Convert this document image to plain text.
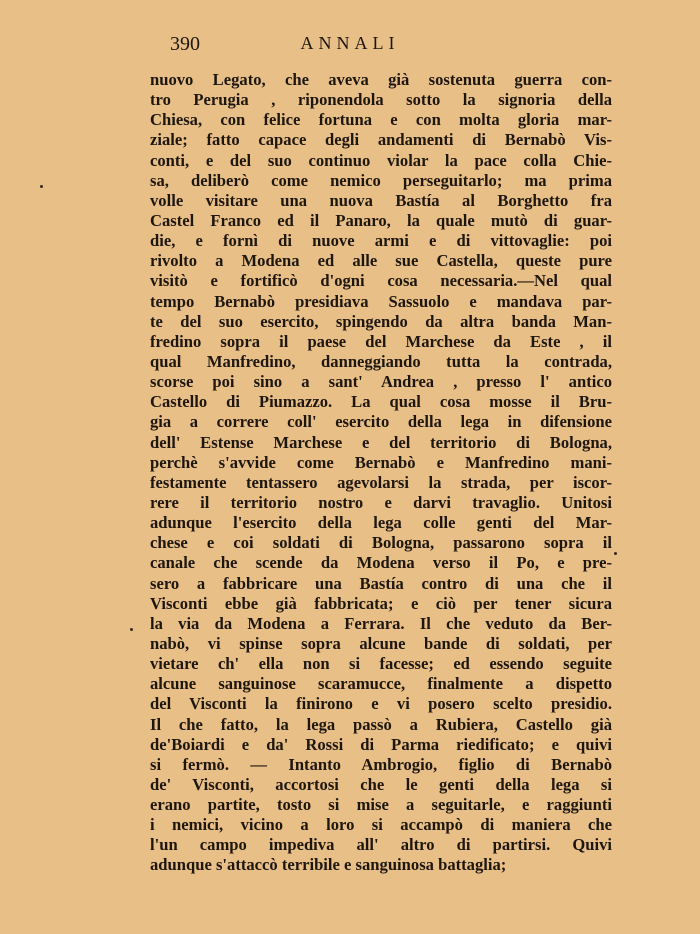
390	ANNALI
nuovo Legato, che aveva già sostenuta guerra con-
tro Perugia , riponendola sotto la signoria della
Chiesa, con felice fortuna e con molta gloria mar-
ziale; fatto capace degli andamenti di Bernabò Vis-
conti, e del suo continuo violar la pace colla Chie-
sa, deliberò come nemico perseguitarlo; ma prima
volle visitare una nuova Bastía al Borghetto fra
Castel Franco ed il Panaro, la quale mutò di guar-
die, e fornì di nuove armi e di vittovaglie: poi
rivolto a Modena ed alle sue Castella, queste pure
visitò e fortificò d'ogni cosa necessaria.—Nel qual
tempo Bernabò presidiava Sassuolo e mandava par-
te del suo esercito, spingendo da altra banda Man-
fredino sopra il paese del Marchese da Este , il
qual Manfredino, danneggiando tutta la contrada,
scorse poi sino a sant' Andrea , presso l' antico
Castello di Piumazzo. La qual cosa mosse il Bru-
gia a correre coll' esercito della lega in difensione
dell' Estense Marchese e del territorio di Bologna,
perchè s'avvide come Bernabò e Manfredino mani-
festamente tentassero agevolarsi la strada, per iscor-
rere il territorio nostro e darvi travaglio. Unitosi
adunque l'esercito della lega colle genti del Mar-
chese e coi soldati di Bologna, passarono sopra il
canale che scende da Modena verso il Po, e pre-
sero a fabbricare una Bastía contro di una che il
Visconti ebbe già fabbricata; e ciò per tener sicura
la via da Modena a Ferrara. Il che veduto da Ber-
nabò, vi spinse sopra alcune bande di soldati, per
vietare ch' ella non si facesse; ed essendo seguite
alcune sanguinose scaramucce, finalmente a dispetto
del Visconti la finirono e vi posero scelto presidio.
Il che fatto, la lega passò a Rubiera, Castello già
de'Boiardi e da' Rossi di Parma riedificato; e quivi
si fermò. — Intanto Ambrogio, figlio di Bernabò
de' Visconti, accortosi che le genti della lega si
erano partite, tosto si mise a seguitarle, e raggiunti
i nemici, vicino a loro si accampò di maniera che
l'un campo impediva all' altro di partirsi. Quivi
adunque s'attaccò terribile e sanguinosa battaglia;
